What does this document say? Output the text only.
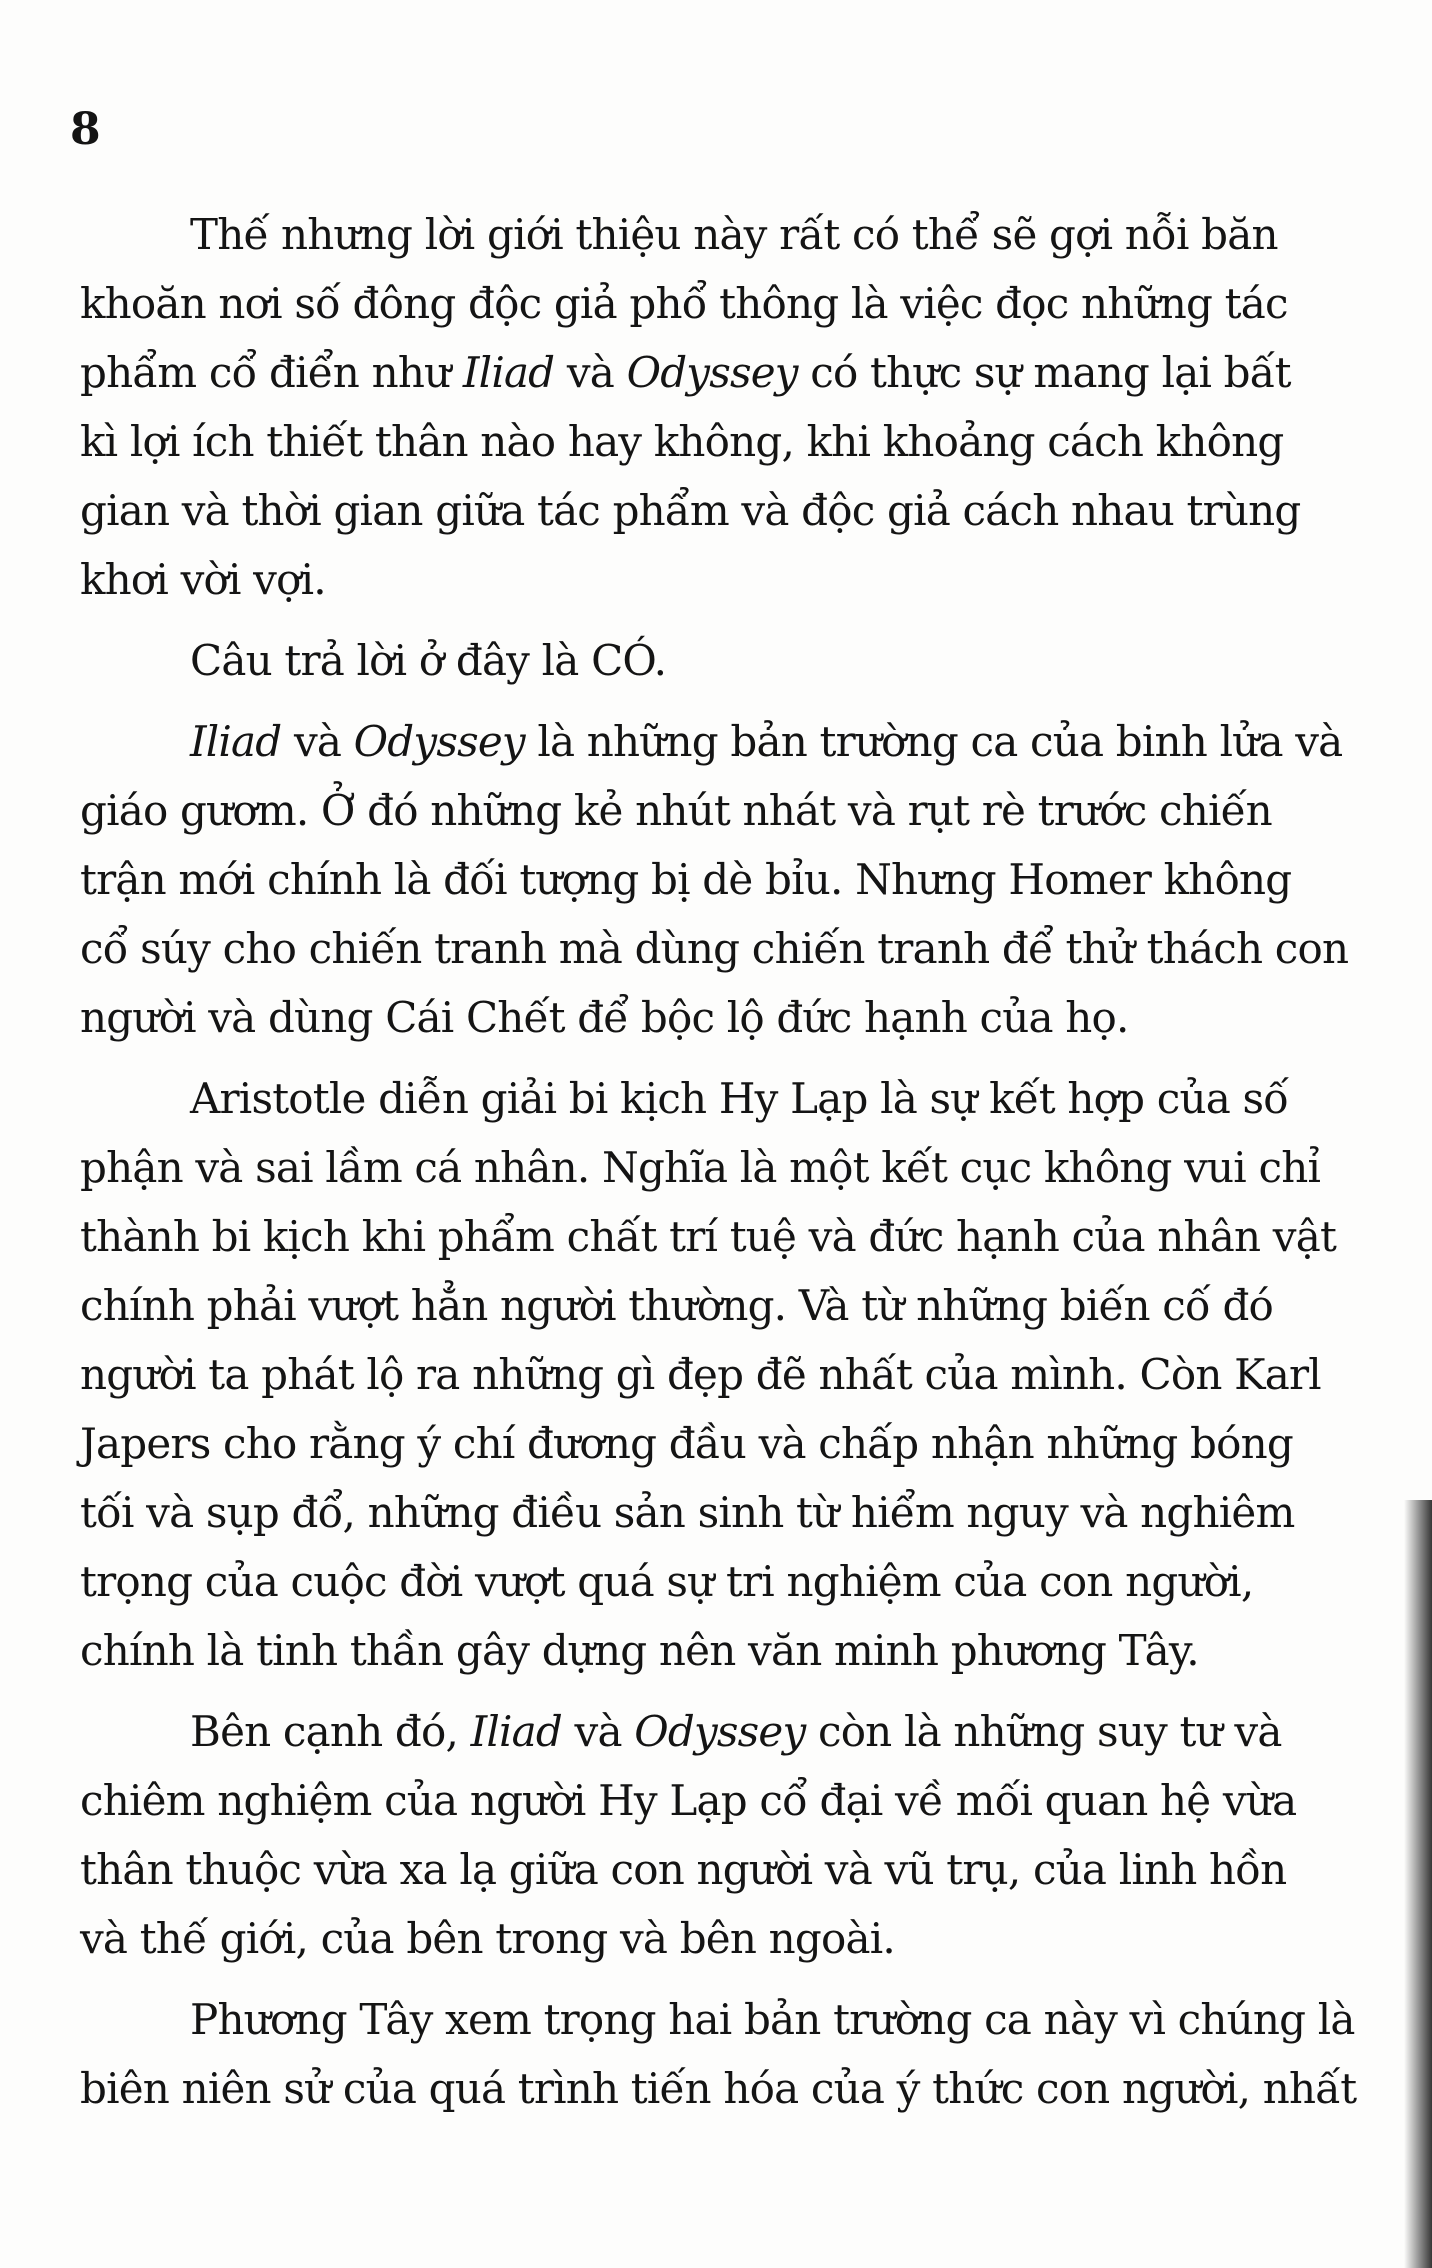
8
Thế nhưng lời giới thiệu này rất có thể sẽ gợi nỗi băn
khoăn nơi số đông độc giả phổ thông là việc đọc những tác
phẩm cổ điển như Iliad và Odyssey có thực sự mang lại bất
kì lợi ích thiết thân nào hay không, khi khoảng cách không
gian và thời gian giữa tác phẩm và độc giả cách nhau trùng
khơi vời vợi.
Câu trả lời ở đây là CÓ.
Iliad và Odyssey là những bản trường ca của binh lửa và
giáo gươm. Ở đó những kẻ nhút nhát và rụt rè trước chiến
trận mới chính là đối tượng bị dè bỉu. Nhưng Homer không
cổ súy cho chiến tranh mà dùng chiến tranh để thử thách con
người và dùng Cái Chết để bộc lộ đức hạnh của họ.
Aristotle diễn giải bi kịch Hy Lạp là sự kết hợp của số
phận và sai lầm cá nhân. Nghĩa là một kết cục không vui chỉ
thành bi kịch khi phẩm chất trí tuệ và đức hạnh của nhân vật
chính phải vượt hẳn người thường. Và từ những biến cố đó
người ta phát lộ ra những gì đẹp đẽ nhất của mình. Còn Karl
Japers cho rằng ý chí đương đầu và chấp nhận những bóng
tối và sụp đổ, những điều sản sinh từ hiểm nguy và nghiêm
trọng của cuộc đời vượt quá sự tri nghiệm của con người,
chính là tinh thần gây dựng nên văn minh phương Tây.
Bên cạnh đó, Iliad và Odyssey còn là những suy tư và
chiêm nghiệm của người Hy Lạp cổ đại về mối quan hệ vừa
thân thuộc vừa xa lạ giữa con người và vũ trụ, của linh hồn
và thế giới, của bên trong và bên ngoài.
Phương Tây xem trọng hai bản trường ca này vì chúng là
biên niên sử của quá trình tiến hóa của ý thức con người, nhất
